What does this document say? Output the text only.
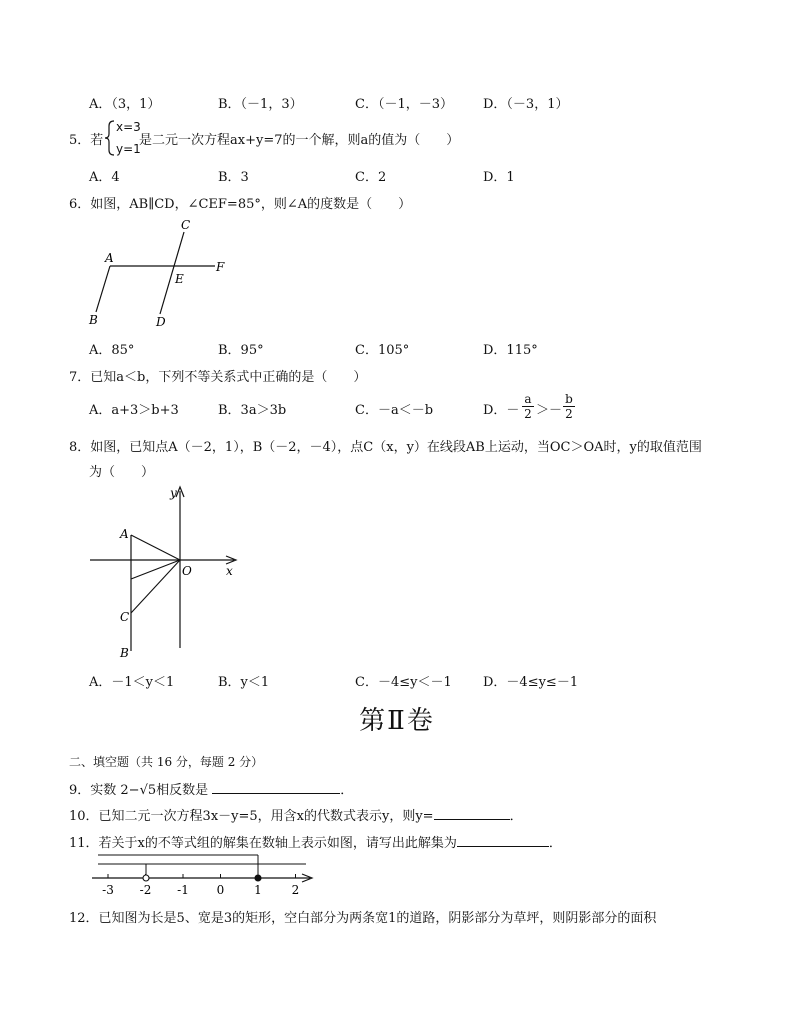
A．（3，1）	B．（－1，3）	C．（－1，－3） D．（－3，1）
5．若
x=3
y=1
是二元一次方程ax+y=7的一个解，则a的值为（　　）
A．4	B．3	C．2	D．1
6．如图，AB∥CD，∠CEF=85°，则∠A的度数是（　　）
A
B
C
D
E
F
A．85°	B．95°	C．105°	D．115°
7．已知a＜b，下列不等关系式中正确的是（　　）
A．a+3＞b+3	B．3a＞3b	C．－a＜－b	D．－ $\frac{a}{2} >- \frac{b}{2}$
8．如图，已知点A（－2，1），B（－2，－4），点C（x，y）在线段AB上运动，当OC＞OA时，y的取值范围
为（　　）
y
x
O
A
C
B
A．－1＜y＜1	B．y＜1	C．－4≤y＜－1 D．－4≤y≤－1
第Ⅱ卷
二、填空题（共 16 分，每题 2 分）
9．实数 2−√5相反数是	．
10．已知二元一次方程3x－y=5，用含x的代数式表示y，则y=	．
11．若关于x的不等式组的解集在数轴上表示如图，请写出此解集为	．
-3 -2 -1 0 1 2
12．已知图为长是5、宽是3的矩形，空白部分为两条宽1的道路，阴影部分为草坪，则阴影部分的面积
